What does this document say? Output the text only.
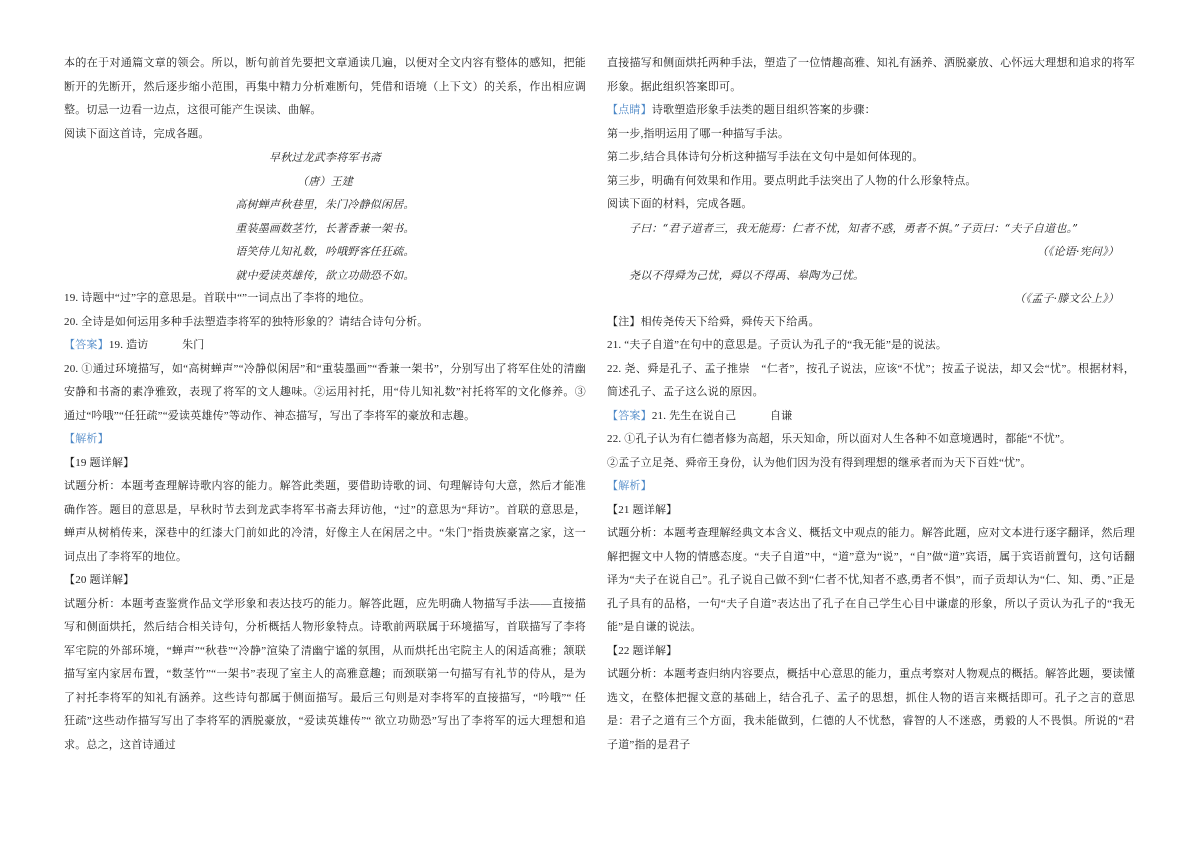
本的在于对通篇文章的领会。所以，断句前首先要把文章通读几遍，以便对全文内容有整体的感知，把能断开的先断开，然后逐步缩小范围，再集中精力分析难断句，凭借和语境（上下文）的关系，作出相应调整。切忌一边看一边点，这很可能产生误读、曲解。

阅读下面这首诗，完成各题。

早秋过龙武李将军书斋

（唐）王建

高树蝉声秋巷里，朱门冷静似闲居。

重装墨画数茎竹，长著香兼一架书。

语笑侍儿知礼数，吟哦野客任狂疏。

就中爱读英雄传，欲立功勋恐不如。

19. 诗题中“过”字的意思是。首联中“”一词点出了李将的地位。

20. 全诗是如何运用多种手法塑造李将军的独特形象的？请结合诗句分析。

【答案】19. 造访　　　朱门

20. ①通过环境描写，如“高树蝉声”“冷静似闲居”和“重装墨画”“香兼一架书”，分别写出了将军住处的清幽安静和书斋的素净雅致，表现了将军的文人趣味。②运用衬托，用“侍儿知礼数”衬托将军的文化修养。③通过“吟哦”“任狂疏”“爱读英雄传”等动作、神态描写，写出了李将军的豪放和志趣。

【解析】

【19 题详解】

试题分析：本题考查理解诗歌内容的能力。解答此类题，要借助诗歌的词、句理解诗句大意，然后才能准确作答。题目的意思是，早秋时节去到龙武李将军书斋去拜访他，“过”的意思为“拜访”。首联的意思是，蝉声从树梢传来，深巷中的红漆大门前如此的冷清，好像主人在闲居之中。“朱门”指贵族豪富之家，这一词点出了李将军的地位。

【20 题详解】

试题分析：本题考查鉴赏作品文学形象和表达技巧的能力。解答此题，应先明确人物描写手法——直接描写和侧面烘托，然后结合相关诗句，分析概括人物形象特点。诗歌前两联属于环境描写，首联描写了李将军宅院的外部环境，“蝉声”“秋巷”“冷静”渲染了清幽宁谧的氛围，从而烘托出宅院主人的闲适高雅；颔联描写室内家居布置，“数茎竹”“一架书”表现了室主人的高雅意趣；而颈联第一句描写有礼节的侍从，是为了衬托李将军的知礼有涵养。这些诗句都属于侧面描写。最后三句则是对李将军的直接描写，“吟哦”“ 任狂疏”这些动作描写写出了李将军的洒脱豪放，“爱读英雄传”“ 欲立功勋恐”写出了李将军的远大理想和追求。总之，这首诗通过

直接描写和侧面烘托两种手法，塑造了一位情趣高雅、知礼有涵养、洒脱豪放、心怀远大理想和追求的将军形象。据此组织答案即可。

【点睛】诗歌塑造形象手法类的题目组织答案的步骤：

第一步,指明运用了哪一种描写手法。

第二步,结合具体诗句分析这种描写手法在文句中是如何体现的。

第三步，明确有何效果和作用。要点明此手法突出了人物的什么形象特点。

阅读下面的材料，完成各题。

子曰：“君子道者三，我无能焉：仁者不忧，知者不惑，勇者不惧。”子贡曰：“夫子自道也。”

（《论语·宪问》）

尧以不得舜为己忧，舜以不得禹、皋陶为己忧。

（《孟子·滕文公上》）

【注】相传尧传天下给舜，舜传天下给禹。

21. “夫子自道”在句中的意思是。子贡认为孔子的“我无能”是的说法。

22. 尧、舜是孔子、孟子推崇　“仁者”，按孔子说法，应该“不忧”；按孟子说法，却又会“忧”。根据材料，简述孔子、孟子这么说的原因。

【答案】21. 先生在说自己　　　自谦

22. ①孔子认为有仁德者修为高超，乐天知命，所以面对人生各种不如意境遇时，都能“不忧”。

②孟子立足尧、舜帝王身份，认为他们因为没有得到理想的继承者而为天下百姓“忧”。

【解析】

【21 题详解】

试题分析：本题考查理解经典文本含义、概括文中观点的能力。解答此题，应对文本进行逐字翻译，然后理解把握文中人物的情感态度。“夫子自道”中，“道”意为“说”，“自”做“道”宾语，属于宾语前置句，这句话翻译为“夫子在说自己”。孔子说自己做不到“仁者不忧,知者不惑,勇者不惧”，而子贡却认为“仁、知、勇、”正是孔子具有的品格，一句“夫子自道”表达出了孔子在自己学生心目中谦虚的形象，所以子贡认为孔子的“我无能”是自谦的说法。

【22 题详解】

试题分析：本题考查归纳内容要点，概括中心意思的能力，重点考察对人物观点的概括。解答此题，要读懂选文，在整体把握文意的基础上，结合孔子、孟子的思想，抓住人物的语言来概括即可。孔子之言的意思是：君子之道有三个方面，我未能做到，仁德的人不忧愁，睿智的人不迷惑，勇毅的人不畏惧。所说的“君子道”指的是君子
